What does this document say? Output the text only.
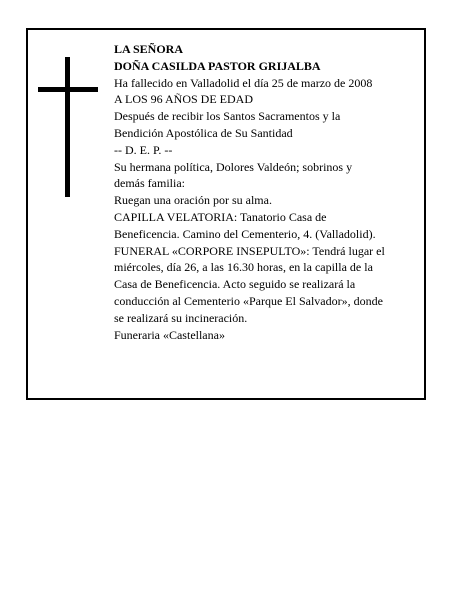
LA SEÑORA
DOÑA CASILDA PASTOR GRIJALBA
Ha fallecido en Valladolid el día 25 de marzo de 2008
A LOS 96 AÑOS DE EDAD
Después de recibir los Santos Sacramentos y la
Bendición Apostólica de Su Santidad
-- D. E. P. --
Su hermana política, Dolores Valdeón; sobrinos y
demás familia:
Ruegan una oración por su alma.
CAPILLA VELATORIA: Tanatorio Casa de
Beneficencia. Camino del Cementerio, 4. (Valladolid).
FUNERAL «CORPORE INSEPULTO»: Tendrá lugar el
miércoles, día 26, a las 16.30 horas, en la capilla de la
Casa de Beneficencia. Acto seguido se realizará la
conducción al Cementerio «Parque El Salvador», donde
se realizará su incineración.
Funeraria «Castellana»
